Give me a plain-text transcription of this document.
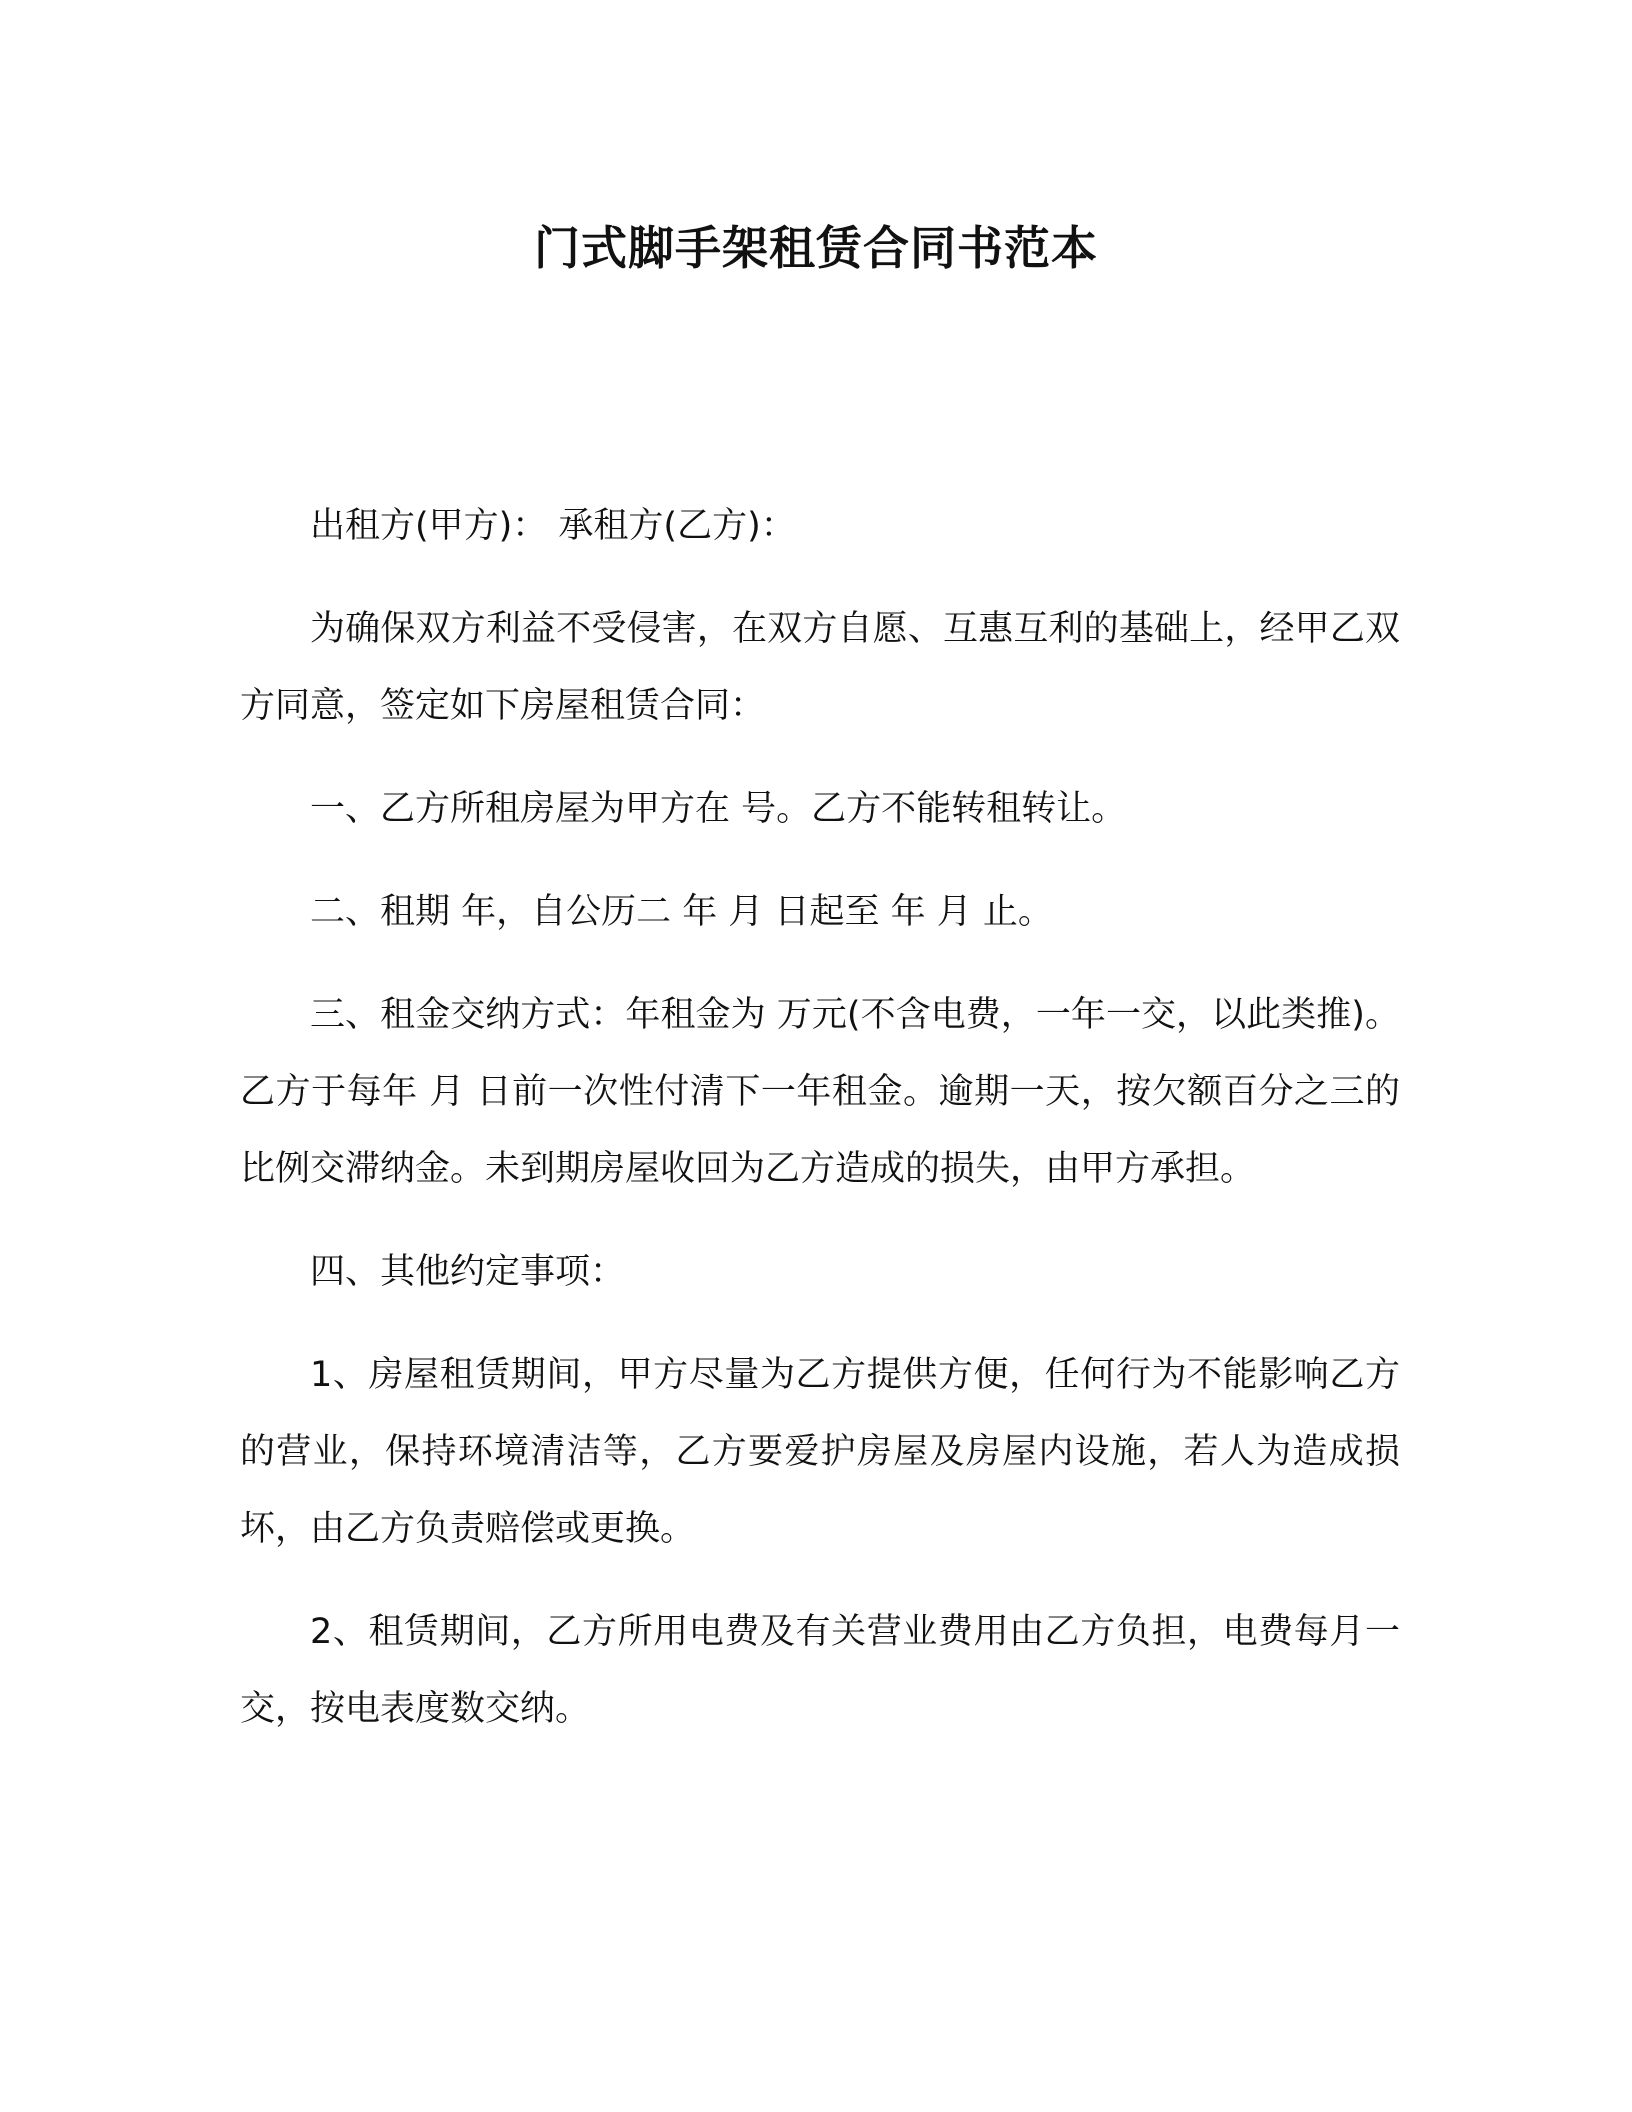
门式脚手架租赁合同书范本

出租方(甲方)： 承租方(乙方)：

为确保双方利益不受侵害，在双方自愿、互惠互利的基础上，经甲乙双方同意，签定如下房屋租赁合同：

一、乙方所租房屋为甲方在 号。乙方不能转租转让。

二、租期 年，自公历二 年 月 日起至 年 月 止。

三、租金交纳方式：年租金为 万元(不含电费，一年一交，以此类推)。乙方于每年 月 日前一次性付清下一年租金。逾期一天，按欠额百分之三的比例交滞纳金。未到期房屋收回为乙方造成的损失，由甲方承担。

四、其他约定事项：

1、房屋租赁期间，甲方尽量为乙方提供方便，任何行为不能影响乙方的营业，保持环境清洁等，乙方要爱护房屋及房屋内设施，若人为造成损坏，由乙方负责赔偿或更换。

2、租赁期间，乙方所用电费及有关营业费用由乙方负担，电费每月一交，按电表度数交纳。
